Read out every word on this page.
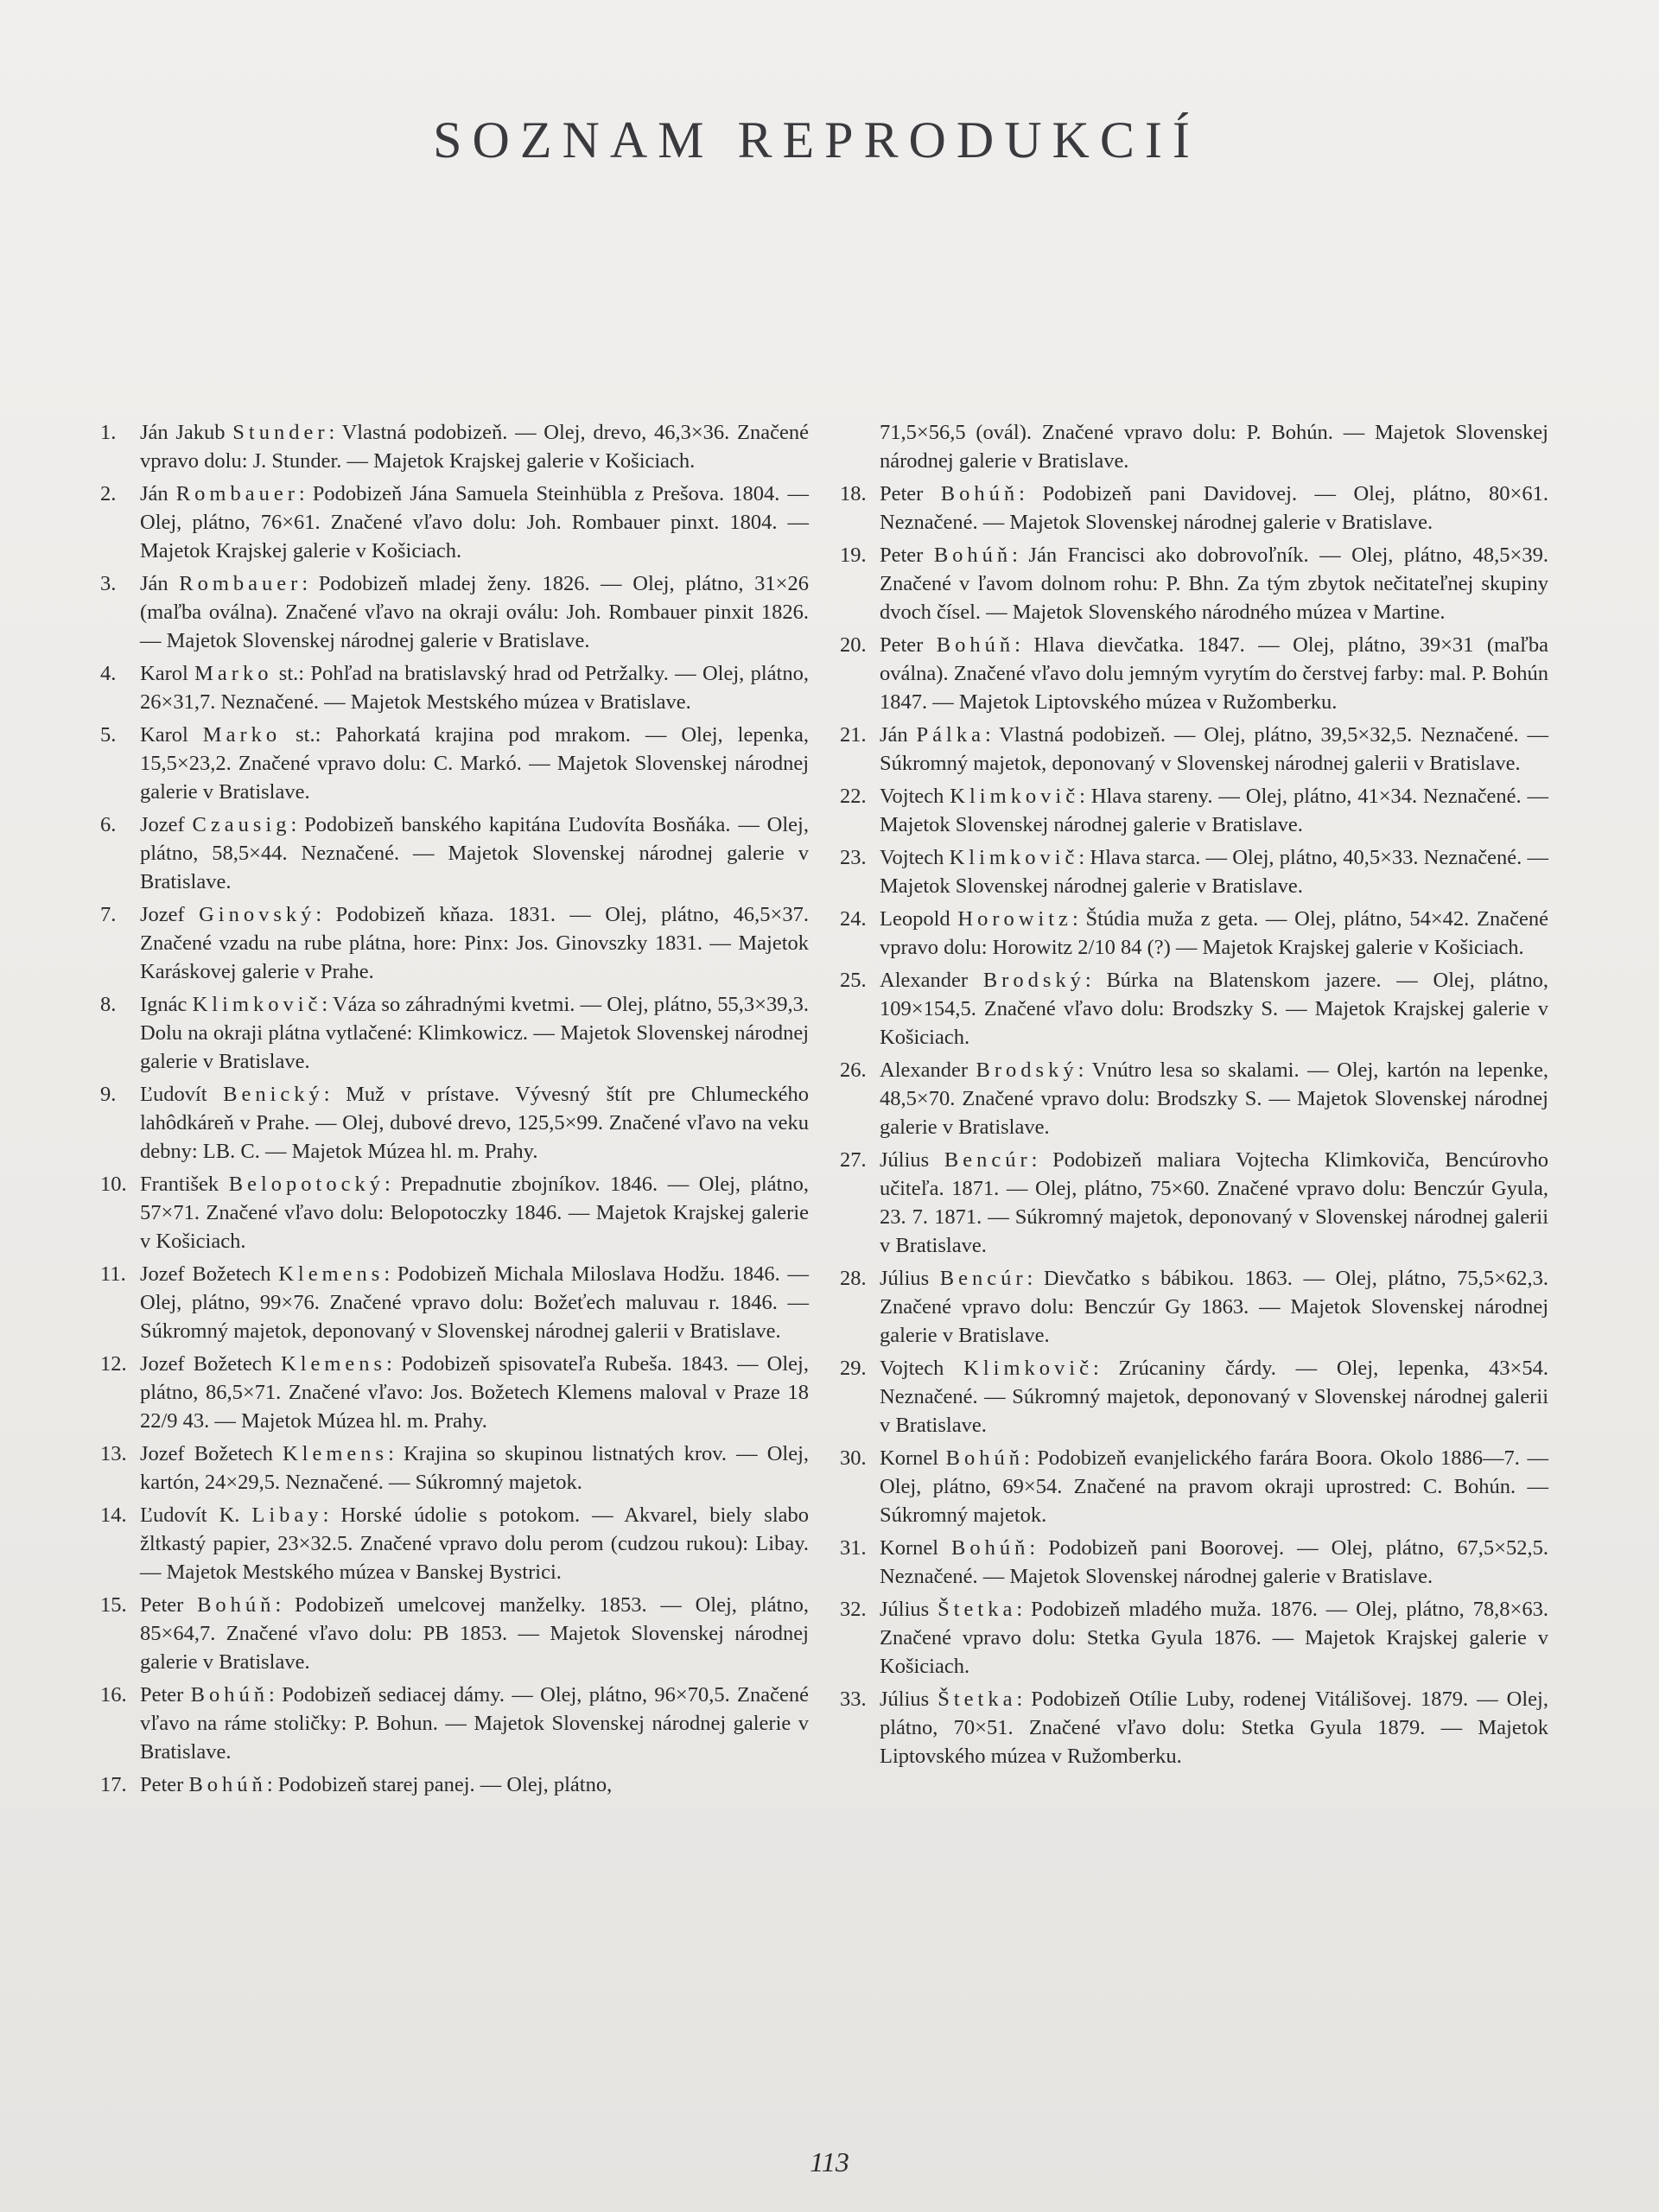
SOZNAM REPRODUKCIÍ
1. Ján Jakub Stunder: Vlastná podobizeň. — Olej, drevo, 46,3×36. Značené vpravo dolu: J. Stunder. — Majetok Krajskej galerie v Košiciach.
2. Ján Rombauer: Podobizeň Jána Samuela Steinhübla z Prešova. 1804. — Olej, plátno, 76×61. Značené vľavo dolu: Joh. Rombauer pinxt. 1804. — Majetok Krajskej galerie v Košiciach.
3. Ján Rombauer: Podobizeň mladej ženy. 1826. — Olej, plátno, 31×26 (maľba oválna). Značené vľavo na okraji oválu: Joh. Rombauer pinxit 1826. — Majetok Slovenskej národnej galerie v Bratislave.
4. Karol Marko st.: Pohľad na bratislavský hrad od Petržalky. — Olej, plátno, 26×31,7. Neznačené. — Majetok Mestského múzea v Bratislave.
5. Karol Marko st.: Pahorkatá krajina pod mrakom. — Olej, lepenka, 15,5×23,2. Značené vpravo dolu: C. Markó. — Majetok Slovenskej národnej galerie v Bratislave.
6. Jozef Czausig: Podobizeň banského kapitána Ľudovíta Bosňáka. — Olej, plátno, 58,5×44. Neznačené. — Majetok Slovenskej národnej galerie v Bratislave.
7. Jozef Ginovský: Podobizeň kňaza. 1831. — Olej, plátno, 46,5×37. Značené vzadu na rube plátna, hore: Pinx: Jos. Ginovszky 1831. — Majetok Karáskovej galerie v Prahe.
8. Ignác Klimkovič: Váza so záhradnými kvetmi. — Olej, plátno, 55,3×39,3. Dolu na okraji plátna vytlačené: Klimkowicz. — Majetok Slovenskej národnej galerie v Bratislave.
9. Ľudovít Benický: Muž v prístave. Vývesný štít pre Chlumeckého lahôdkáreň v Prahe. — Olej, dubové drevo, 125,5×99. Značené vľavo na veku debny: LB. C. — Majetok Múzea hl. m. Prahy.
10. František Belopotocký: Prepadnutie zbojníkov. 1846. — Olej, plátno, 57×71. Značené vľavo dolu: Belopotoczky 1846. — Majetok Krajskej galerie v Košiciach.
11. Jozef Božetech Klemens: Podobizeň Michala Miloslava Hodžu. 1846. — Olej, plátno, 99×76. Značené vpravo dolu: Božeťech maluvau r. 1846. — Súkromný majetok, deponovaný v Slovenskej národnej galerii v Bratislave.
12. Jozef Božetech Klemens: Podobizeň spisovateľa Rubeša. 1843. — Olej, plátno, 86,5×71. Značené vľavo: Jos. Božetech Klemens maloval v Praze 18 22/9 43. — Majetok Múzea hl. m. Prahy.
13. Jozef Božetech Klemens: Krajina so skupinou listnatých krov. — Olej, kartón, 24×29,5. Neznačené. — Súkromný majetok.
14. Ľudovít K. Libay: Horské údolie s potokom. — Akvarel, biely slabo žltkastý papier, 23×32.5. Značené vpravo dolu perom (cudzou rukou): Libay. — Majetok Mestského múzea v Banskej Bystrici.
15. Peter Bohúň: Podobizeň umelcovej manželky. 1853. — Olej, plátno, 85×64,7. Značené vľavo dolu: PB 1853. — Majetok Slovenskej národnej galerie v Bratislave.
16. Peter Bohúň: Podobizeň sediacej dámy. — Olej, plátno, 96×70,5. Značené vľavo na ráme stoličky: P. Bohun. — Majetok Slovenskej národnej galerie v Bratislave.
17. Peter Bohúň: Podobizeň starej panej. — Olej, plátno,
71,5×56,5 (ovál). Značené vpravo dolu: P. Bohún. — Majetok Slovenskej národnej galerie v Bratislave.
18. Peter Bohúň: Podobizeň pani Davidovej. — Olej, plátno, 80×61. Neznačené. — Majetok Slovenskej národnej galerie v Bratislave.
19. Peter Bohúň: Ján Francisci ako dobrovoľník. — Olej, plátno, 48,5×39. Značené v ľavom dolnom rohu: P. Bhn. Za tým zbytok nečitateľnej skupiny dvoch čísel. — Majetok Slovenského národného múzea v Martine.
20. Peter Bohúň: Hlava dievčatka. 1847. — Olej, plátno, 39×31 (maľba oválna). Značené vľavo dolu jemným vyrytím do čerstvej farby: mal. P. Bohún 1847. — Majetok Liptovského múzea v Ružomberku.
21. Ján Pálka: Vlastná podobizeň. — Olej, plátno, 39,5×32,5. Neznačené. — Súkromný majetok, deponovaný v Slovenskej národnej galerii v Bratislave.
22. Vojtech Klimkovič: Hlava stareny. — Olej, plátno, 41×34. Neznačené. — Majetok Slovenskej národnej galerie v Bratislave.
23. Vojtech Klimkovič: Hlava starca. — Olej, plátno, 40,5×33. Neznačené. — Majetok Slovenskej národnej galerie v Bratislave.
24. Leopold Horowitz: Štúdia muža z geta. — Olej, plátno, 54×42. Značené vpravo dolu: Horowitz 2/10 84 (?) — Majetok Krajskej galerie v Košiciach.
25. Alexander Brodský: Búrka na Blatenskom jazere. — Olej, plátno, 109×154,5. Značené vľavo dolu: Brodszky S. — Majetok Krajskej galerie v Košiciach.
26. Alexander Brodský: Vnútro lesa so skalami. — Olej, kartón na lepenke, 48,5×70. Značené vpravo dolu: Brodszky S. — Majetok Slovenskej národnej galerie v Bratislave.
27. Július Bencúr: Podobizeň maliara Vojtecha Klimkoviča, Bencúrovho učiteľa. 1871. — Olej, plátno, 75×60. Značené vpravo dolu: Benczúr Gyula, 23. 7. 1871. — Súkromný majetok, deponovaný v Slovenskej národnej galerii v Bratislave.
28. Július Bencúr: Dievčatko s bábikou. 1863. — Olej, plátno, 75,5×62,3. Značené vpravo dolu: Benczúr Gy 1863. — Majetok Slovenskej národnej galerie v Bratislave.
29. Vojtech Klimkovič: Zrúcaniny čárdy. — Olej, lepenka, 43×54. Neznačené. — Súkromný majetok, deponovaný v Slovenskej národnej galerii v Bratislave.
30. Kornel Bohúň: Podobizeň evanjelického farára Boora. Okolo 1886—7. — Olej, plátno, 69×54. Značené na pravom okraji uprostred: C. Bohún. — Súkromný majetok.
31. Kornel Bohúň: Podobizeň pani Boorovej. — Olej, plátno, 67,5×52,5. Neznačené. — Majetok Slovenskej národnej galerie v Bratislave.
32. Július Štetka: Podobizeň mladého muža. 1876. — Olej, plátno, 78,8×63. Značené vpravo dolu: Stetka Gyula 1876. — Majetok Krajskej galerie v Košiciach.
33. Július Štetka: Podobizeň Otílie Luby, rodenej Vitálišovej. 1879. — Olej, plátno, 70×51. Značené vľavo dolu: Stetka Gyula 1879. — Majetok Liptovského múzea v Ružomberku.
113
